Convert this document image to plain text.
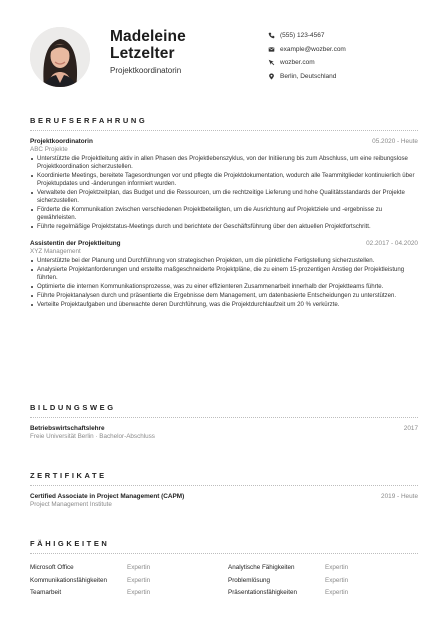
Madeleine
Letzelter
Projektkoordinatorin
(555) 123-4567
example@wozber.com
wozber.com
Berlin, Deutschland
BERUFSERFAHRUNG
Projektkoordinatorin	05.2020 - Heute
ABC Projekte
Unterstützte die Projektleitung aktiv in allen Phasen des Projektlebenszyklus, von der Initiierung bis zum Abschluss, um eine reibungslose Projektkoordination sicherzustellen.
Koordinierte Meetings, bereitete Tagesordnungen vor und pflegte die Projektdokumentation, wodurch alle Teammitglieder kontinuierlich über Projektupdates und -änderungen informiert wurden.
Verwaltete den Projektzeitplan, das Budget und die Ressourcen, um die rechtzeitige Lieferung und hohe Qualitätsstandards der Projekte sicherzustellen.
Förderte die Kommunikation zwischen verschiedenen Projektbeteiligten, um die Ausrichtung auf Projektziele und -ergebnisse zu gewährleisten.
Führte regelmäßige Projektstatus-Meetings durch und berichtete der Geschäftsführung über den aktuellen Projektfortschritt.
Assistentin der Projektleitung	02.2017 - 04.2020
XYZ Management
Unterstützte bei der Planung und Durchführung von strategischen Projekten, um die pünktliche Fertigstellung sicherzustellen.
Analysierte Projektanforderungen und erstellte maßgeschneiderte Projektpläne, die zu einem 15-prozentigen Anstieg der Projektleistung führten.
Optimierte die internen Kommunikationsprozesse, was zu einer effizienteren Zusammenarbeit innerhalb der Projektteams führte.
Führte Projektanalysen durch und präsentierte die Ergebnisse dem Management, um datenbasierte Entscheidungen zu unterstützen.
Verteilte Projektaufgaben und überwachte deren Durchführung, was die Projektdurchlaufzeit um 20 % verkürzte.
BILDUNGSWEG
Betriebswirtschaftslehre	2017
Freie Universität Berlin · Bachelor-Abschluss
ZERTIFIKATE
Certified Associate in Project Management (CAPM)	2019 - Heute
Project Management Institute
FÄHIGKEITEN
Microsoft Office	Expertin	Analytische Fähigkeiten	Expertin
Kommunikationsfähigkeiten	Expertin	Problemlösung	Expertin
Teamarbeit	Expertin	Präsentationsfähigkeiten	Expertin
